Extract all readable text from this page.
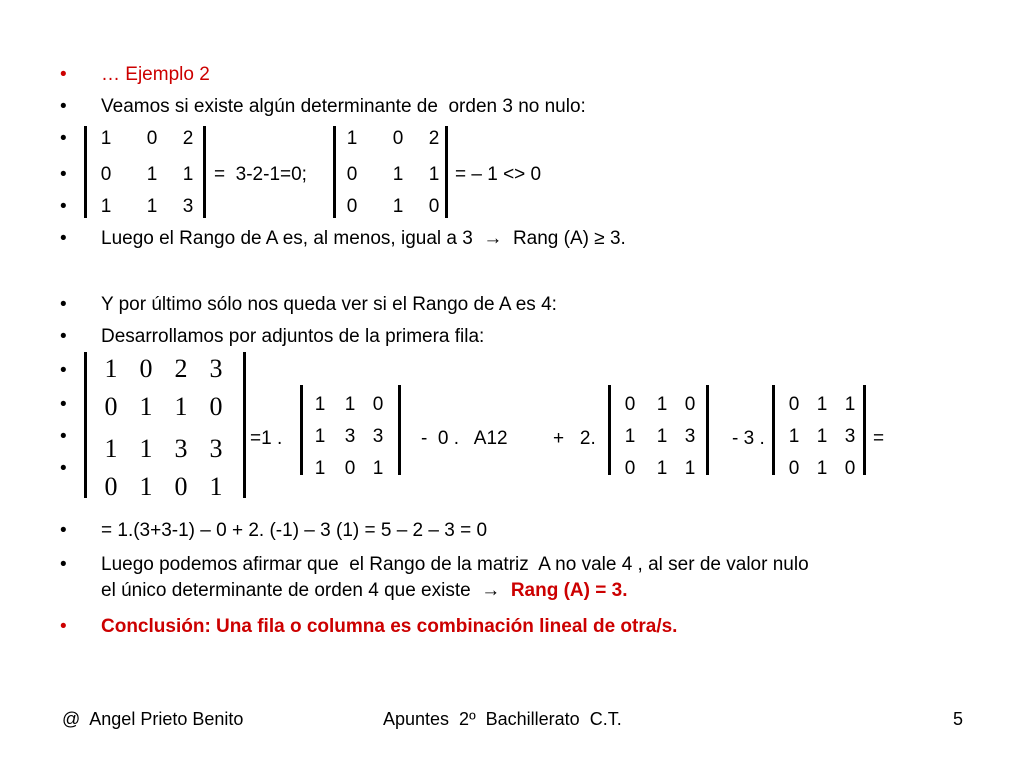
•
•
•
•
•
•
•
•
•
•
•
•
•
•
•
… Ejemplo 2
Veamos si existe algún determinante de  orden 3 no nulo:
1 0 2
0 1 1
1 1 3
=  3-2-1=0;
1 0 2
0 1 1
0 1 0
= – 1 <> 0
Luego el Rango de A es, al menos, igual a 3 → Rang (A) ≥ 3.
Y por último sólo nos queda ver si el Rango de A es 4:
Desarrollamos por adjuntos de la primera fila:
1 0 2 3
0 1 1 0
1 1 3 3
0 1 0 1
=1 .
1 1 0
1 3 3
1 0 1
-  0 .   A12 +   2.
0 1 0
1 1 3
0 1 1
- 3 .
0 1 1
1 1 3
0 1 0
=
= 1.(3+3-1) – 0 + 2. (-1) – 3 (1) = 5 – 2 – 3 = 0
Luego podemos afirmar que  el Rango de la matriz  A no vale 4 , al ser de valor nulo
el único determinante de orden 4 que existe → Rang (A) = 3.
Conclusión: Una fila o columna es combinación lineal de otra/s.
@  Angel Prieto Benito	Apuntes  2º  Bachillerato  C.T.	5
